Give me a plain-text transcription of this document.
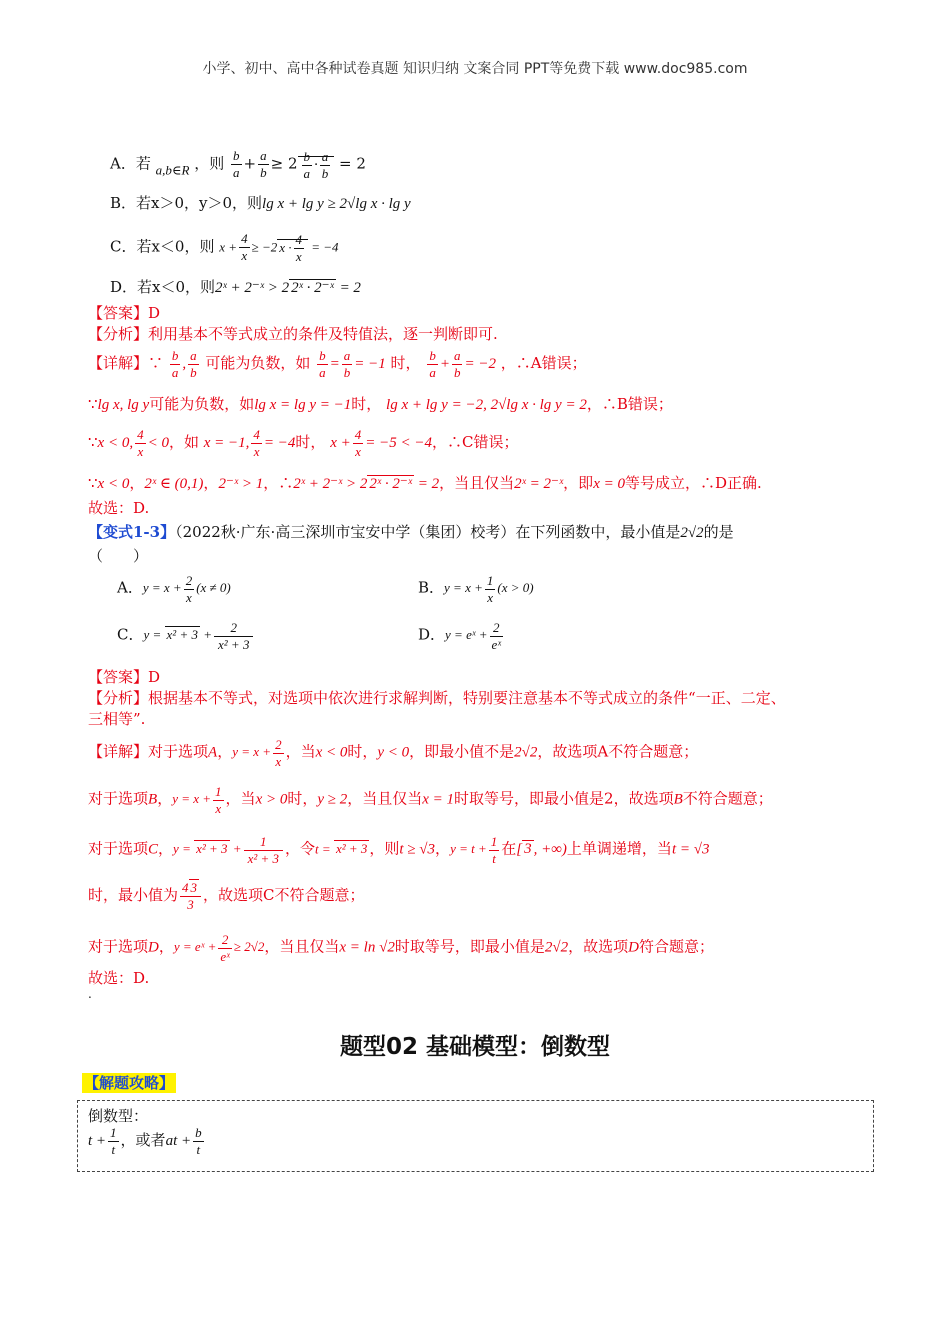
小学、初中、高中各种试卷真题 知识归纳 文案合同 PPT等免费下载 www.doc985.com
A．若 a,b∈R ，则 $\frac{b}{a} + \frac{a}{b} \ge 2 \frac{b}{a} \cdot \frac{a}{b} = 2$
B．若x＞0，y＞0，则lg x + lg y ≥ 2√lg x · lg y
C．若x＜0，则 $x + \frac{4}{x} \ge -2$ $x \cdot \frac{4}{x} = -4$
D．若x＜0，则2ˣ + 2⁻ˣ > 2 2ˣ · 2⁻ˣ = 2
【答案】D
【分析】利用基本不等式成立的条件及特值法，逐一判断即可.
【详解】∵ $\frac{b}{a}$ , $\frac{a}{b}$ 可能为负数，如 $\frac{b}{a} = \frac{a}{b} = -1$ 时， $\frac{b}{a} + \frac{a}{b} = -2$ ，∴A错误；
∵lg x, lg y可能为负数，如lg x = lg y = −1时， lg x + lg y = −2, 2√lg x · lg y = 2，∴B错误；
∵x < 0, $\frac{4}{x} < 0$，如 x = −1, $\frac{4}{x} = -4$时， $x + \frac{4}{x} = -5 < -4$，∴C错误；
∵x < 0，2ˣ ∈ (0,1)，2⁻ˣ > 1，∴2ˣ + 2⁻ˣ > 2 2ˣ · 2⁻ˣ = 2，当且仅当2ˣ = 2⁻ˣ，即x = 0等号成立，∴D正确.
故选：D.
【变式1-3】（2022秋·广东·高三深圳市宝安中学（集团）校考）在下列函数中，最小值是2√2的是
（　　）
A．$y = x + \frac{2}{x} (x \ne 0)$	B．$y = x + \frac{1}{x} (x > 0)$
C．$y = x^2 + 3 + \frac{2}{\text{x² + 3}}$	D．y = eˣ + $\frac{2}{\text{eˣ}}$
【答案】D
【分析】根据基本不等式，对选项中依次进行求解判断，特别要注意基本不等式成立的条件“一正、二定、
三相等”.
【详解】对于选项A，$y = x + \frac{2}{x}$ ，当x < 0时，y < 0，即最小值不是2√2，故选项A不符合题意；
对于选项B，$y = x + \frac{1}{x}$ ，当x > 0时，y ≥ 2，当且仅当x = 1时取等号，即最小值是2，故选项B不符合题意；
对于选项C，$y = x^2 + 3 + \frac{1}{\text{x² + 3}}$ ，令t = x² + 3 ，则t ≥ √3，$y = t + \frac{1}{t}$ 在[ 3 , +∞)上单调递增，当t = √3
时，最小值为 $\frac{4 3}{3}$ ，故选项C不符合题意；
对于选项D，y = eˣ + $\frac{2}{\text{eˣ}} \ge 2√2$，当且仅当x = ln √2时取等号，即最小值是2√2，故选项D符合题意；
故选：D.
.
题型02 基础模型：倒数型
【解题攻略】
倒数型：
$t + \frac{1}{t}$ ，或者at + $\frac{b}{t}$
